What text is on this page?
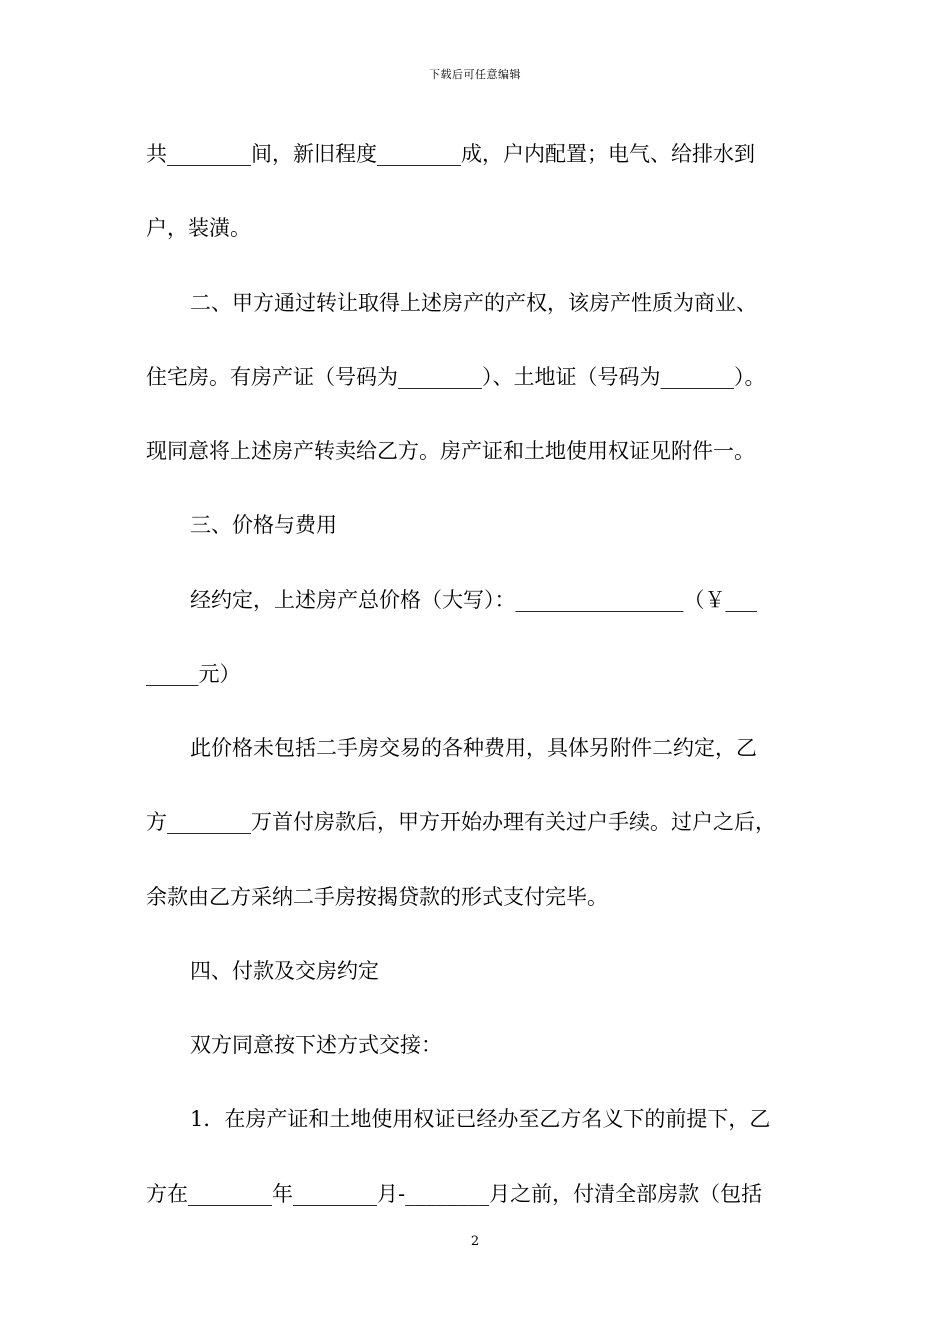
下载后可任意编辑
共________间，新旧程度________成，户内配置；电气、给排水到
户，装潢。
二、甲方通过转让取得上述房产的产权，该房产性质为商业、
住宅房。有房产证（号码为________）、土地证（号码为_______）。
现同意将上述房产转卖给乙方。房产证和土地使用权证见附件一。
三、价格与费用
经约定，上述房产总价格（大写）：________________（￥___
_____元）
此价格未包括二手房交易的各种费用，具体另附件二约定，乙
方________万首付房款后，甲方开始办理有关过户手续。过户之后，
余款由乙方采纳二手房按揭贷款的形式支付完毕。
四、付款及交房约定
双方同意按下述方式交接：
1．在房产证和土地使用权证已经办至乙方名义下的前提下，乙
方在________年________月-________月之前，付清全部房款（包括
2
